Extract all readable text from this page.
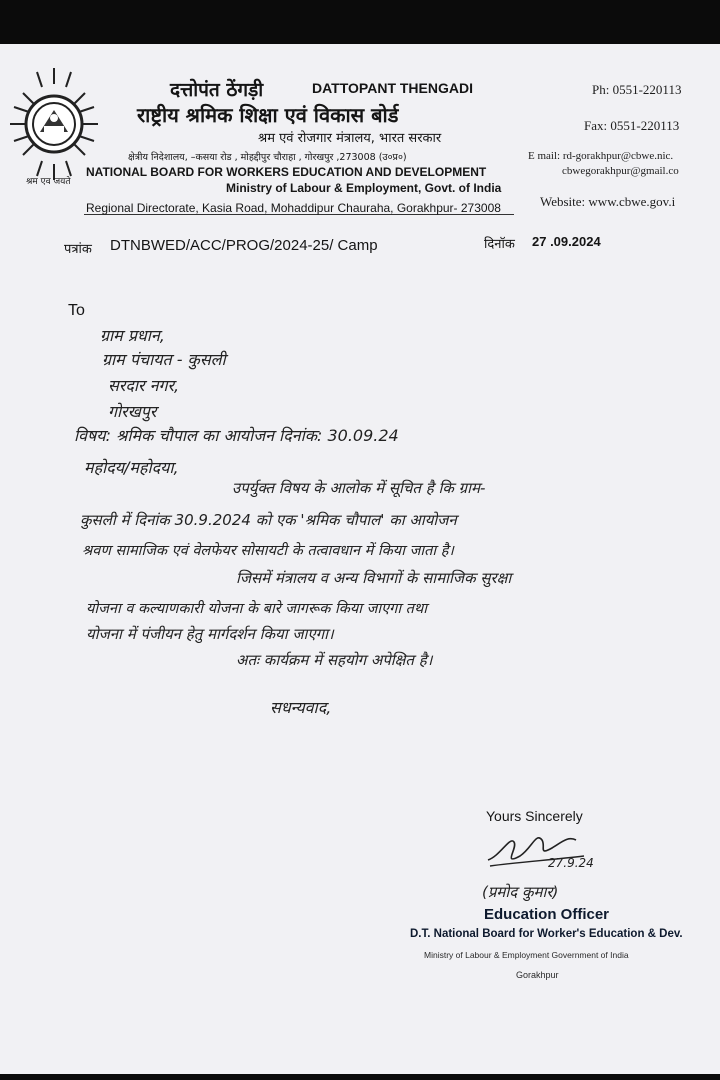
श्रम एव जयते
दत्तोपंत ठेंगड़ी	DATTOPANT THENGADI
राष्ट्रीय श्रमिक शिक्षा एवं विकास बोर्ड
श्रम एवं रोजगार मंत्रालय, भारत सरकार
क्षेत्रीय निदेशालय, –कसया रोड , मोहद्दीपुर चौराहा , गोरखपुर ,273008 (उ०प्र०)
NATIONAL BOARD FOR WORKERS EDUCATION AND DEVELOPMENT
Ministry of Labour & Employment, Govt. of India
Regional Directorate, Kasia Road, Mohaddipur Chauraha, Gorakhpur- 273008
Ph: 0551-220113
Fax: 0551-220113
E mail: rd-gorakhpur@cbwe.nic.
cbwegorakhpur@gmail.co
Website: www.cbwe.gov.i
पत्रांक DTNBWED/ACC/PROG/2024-25/ Camp	दिनॉक 27 .09.2024
To
ग्राम प्रधान,
ग्राम पंचायत - कुसली
सरदार नगर,
गोरखपुर
विषय: श्रमिक चौपाल का आयोजन दिनांक: 30.09.24
महोदय/महोदया,
उपर्युक्त विषय के आलोक में सूचित है कि ग्राम-
कुसली में दिनांक 30.9.2024 को एक 'श्रमिक चौपाल' का आयोजन
श्रवण सामाजिक एवं वेलफेयर सोसायटी के तत्वावधान में किया जाता है।
जिसमें मंत्रालय व अन्य विभागों के सामाजिक सुरक्षा
योजना व कल्याणकारी योजना के बारे जागरूक किया जाएगा तथा
योजना में पंजीयन हेतु मार्गदर्शन किया जाएगा।
अतः कार्यक्रम में सहयोग अपेक्षित है।
सधन्यवाद,
Yours Sincerely
27.9.24
(प्रमोद कुमार)
Education Officer
D.T. National Board for Worker's Education & Dev.
Ministry of Labour & Employment Government of India
Gorakhpur
